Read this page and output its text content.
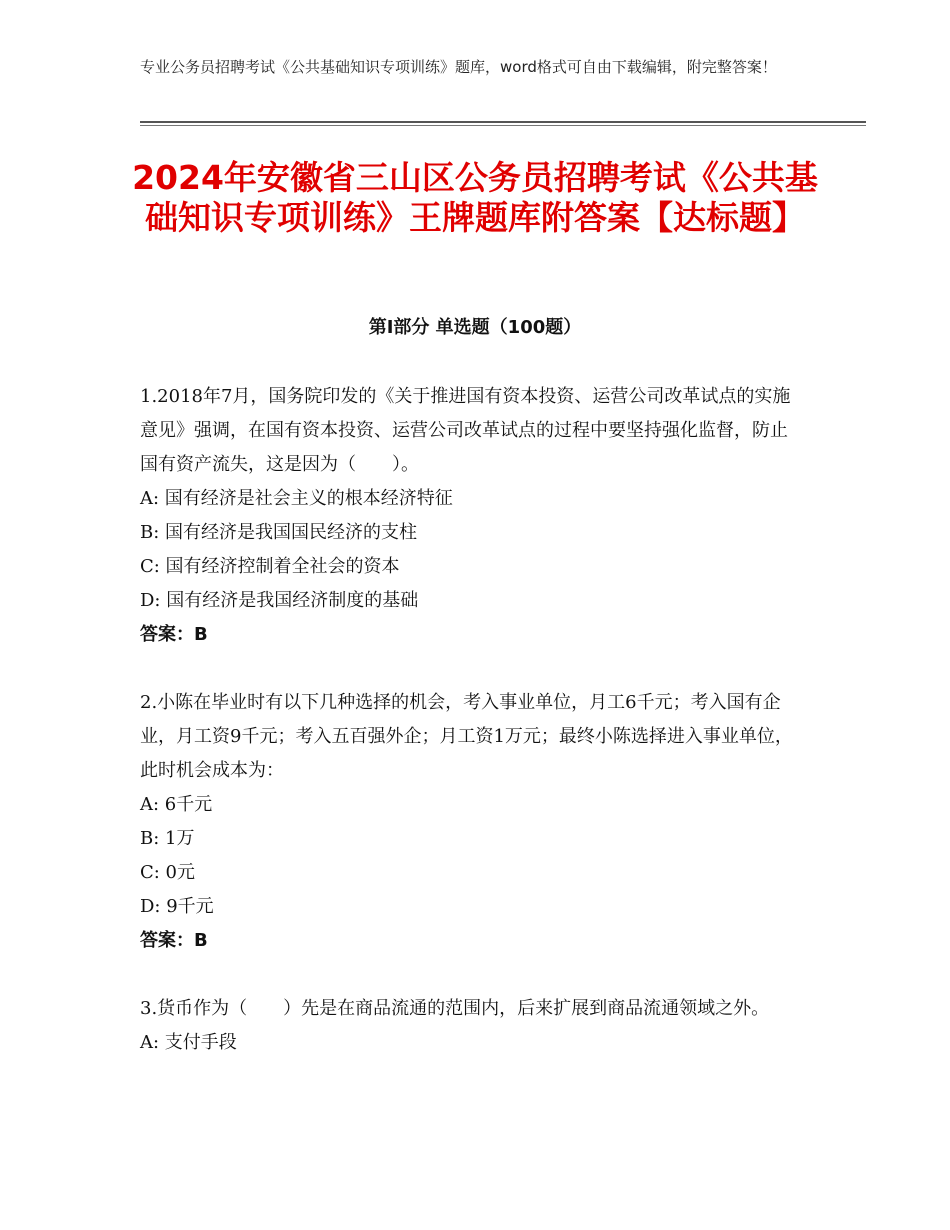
专业公务员招聘考试《公共基础知识专项训练》题库，word格式可自由下载编辑，附完整答案！
2024年安徽省三山区公务员招聘考试《公共基础知识专项训练》王牌题库附答案【达标题】
第I部分 单选题（100题）
1.2018年7月，国务院印发的《关于推进国有资本投资、运营公司改革试点的实施意见》强调，在国有资本投资、运营公司改革试点的过程中要坚持强化监督，防止国有资产流失，这是因为（　　）。
A: 国有经济是社会主义的根本经济特征
B: 国有经济是我国国民经济的支柱
C: 国有经济控制着全社会的资本
D: 国有经济是我国经济制度的基础
答案：B
2.小陈在毕业时有以下几种选择的机会，考入事业单位，月工6千元；考入国有企业，月工资9千元；考入五百强外企；月工资1万元；最终小陈选择进入事业单位，此时机会成本为：
A: 6千元
B: 1万
C: 0元
D: 9千元
答案：B
3.货币作为（　　）先是在商品流通的范围内，后来扩展到商品流通领域之外。
A: 支付手段
